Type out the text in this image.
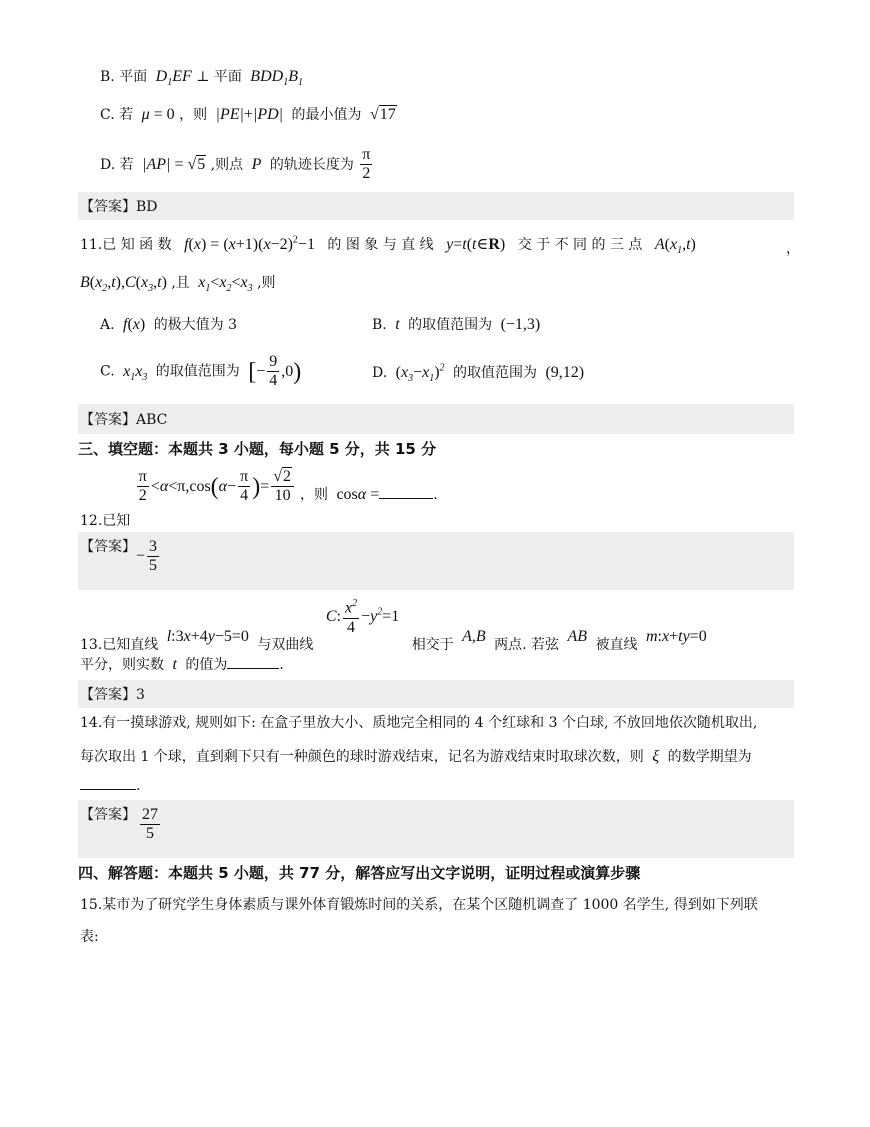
B. 平面  $D_1EF$ ⊥ 平面  $BDD_1B_1$
C. 若  μ = 0 ，则  |PE|+|PD|  的最小值为  √17
D. 若  |AP| = √5 ,则点  P  的轨迹长度为 $\frac{\pi}{2}$
【答案】BD
11.已 知 函 数   $f(x) = (x+1)(x-2)^2-1$ 的 图 象 与 直 线   y=t(t∈R) 交 于 不 同 的 三 点   $A(x_1,t)$	，
$B(x_2,t),C(x_3,t)$ ,且  $x_1<x_2<x_3$ ,则
A.  f(x) 的极大值为 3	B.  t  的取值范围为  (−1,3)
C.  $x_1x_3$ 的取值范围为 [− $\frac{9}{4} ,0$)	D. $(x_3-x_1)^2$ 的取值范围为  (9,12)
【答案】ABC
三、填空题：本题共 3 小题，每小题 5 分，共 15 分
12.已知
$\frac{\pi}{2} <\alpha<\pi,\cos(\alpha- \frac{\pi}{4}$ )= $\frac{√2}{10}$ ，则  cosα =	.
【答案】
− $\frac{3}{5}$
13.已知直线  l:3x+4y−5=0 与双曲线   C: $\frac{x^2}{4} -y^2=1$   相交于  A,B  两点. 若弦  AB  被直线  m:x+ty=0
平分，则实数  t  的值为	.
【答案】3
14.有一摸球游戏, 规则如下: 在盒子里放大小、质地完全相同的 4 个红球和 3 个白球, 不放回地依次随机取出,
每次取出 1 个球，直到剩下只有一种颜色的球时游戏结束，记名为游戏结束时取球次数，则  ξ  的数学期望为
.
【答案】 $\frac{27}{5}$
四、解答题：本题共 5 小题，共 77 分，解答应写出文字说明，证明过程或演算步骤
15.某市为了研究学生身体素质与课外体育锻炼时间的关系，在某个区随机调查了 1000 名学生, 得到如下列联
表:
